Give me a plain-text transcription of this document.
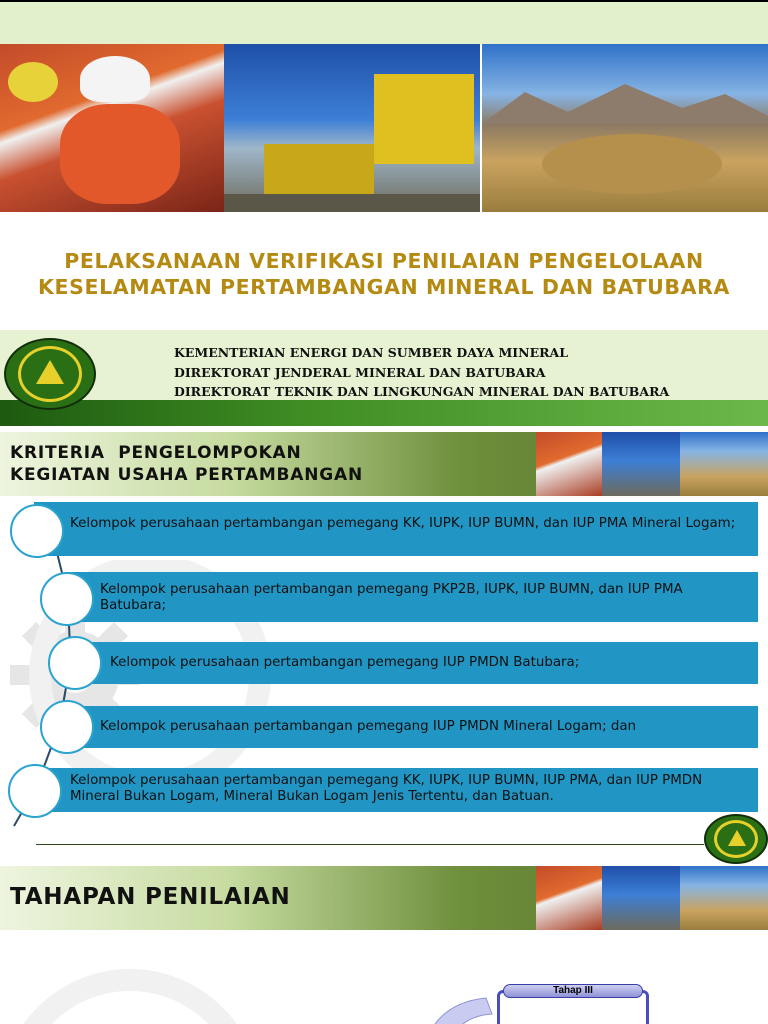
PELAKSANAAN VERIFIKASI PENILAIAN PENGELOLAAN
KESELAMATAN PERTAMBANGAN MINERAL DAN BATUBARA
KEMENTERIAN ENERGI DAN SUMBER DAYA MINERAL
DIREKTORAT JENDERAL MINERAL DAN BATUBARA
DIREKTORAT TEKNIK DAN LINGKUNGAN MINERAL DAN BATUBARA
KRITERIA  PENGELOMPOKAN
KEGIATAN USAHA PERTAMBANGAN
Kelompok perusahaan pertambangan pemegang KK, IUPK, IUP BUMN, dan IUP PMA Mineral Logam;
Kelompok perusahaan pertambangan pemegang PKP2B, IUPK, IUP BUMN, dan IUP PMA Batubara;
Kelompok perusahaan pertambangan pemegang IUP PMDN Batubara;
Kelompok perusahaan pertambangan pemegang IUP PMDN Mineral Logam; dan
Kelompok perusahaan pertambangan pemegang KK, IUPK, IUP BUMN, IUP PMA, dan IUP PMDN Mineral Bukan Logam, Mineral Bukan Logam Jenis Tertentu, dan Batuan.
TAHAPAN PENILAIAN
Tahap III
